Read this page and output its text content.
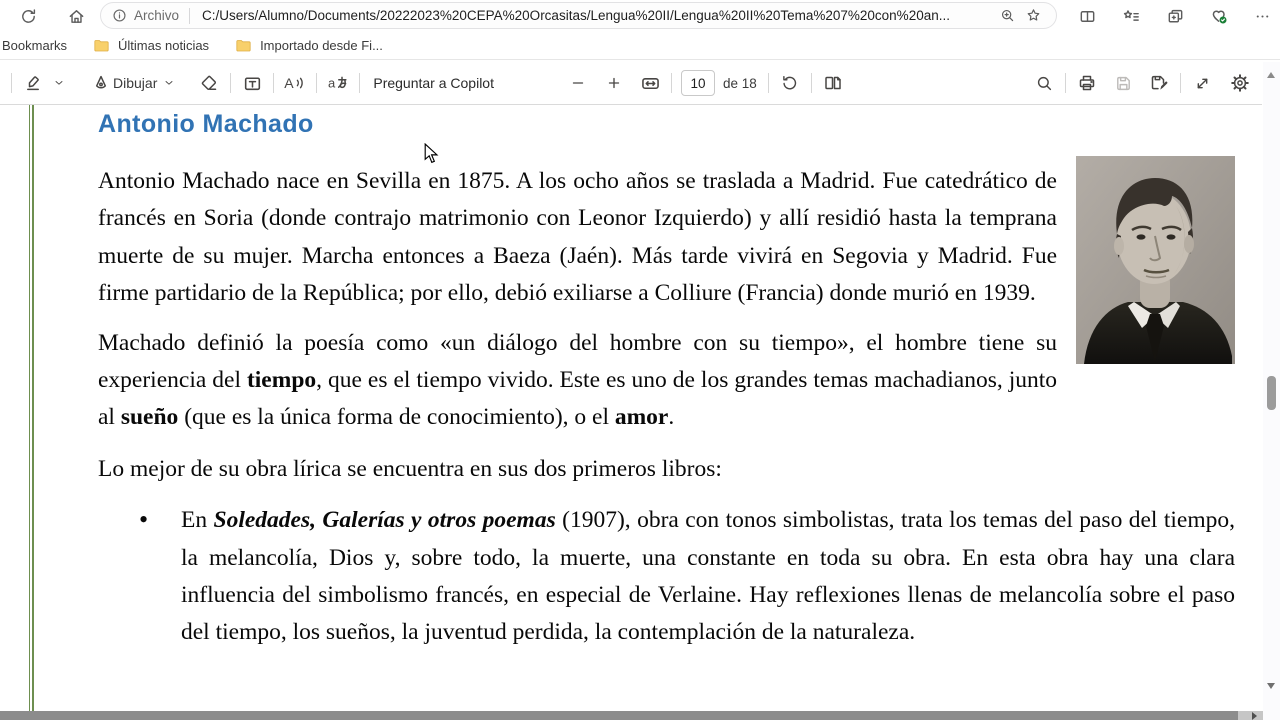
Archivo C:/Users/Alumno/Documents/20222023%20CEPA%20Orcasitas/Lengua%20II/Lengua%20II%20Tema%207%20con%20an...
Bookmarks	Últimas noticias	Importado desde Fi...
Dibujar	A	a	Preguntar a Copilot
10	de 18
Antonio Machado

Antonio Machado nace en Sevilla en 1875. A los ocho años se traslada a Madrid. Fue catedrático de francés en Soria (donde contrajo matrimonio con Leonor Izquierdo) y allí residió hasta la temprana muerte de su mujer. Marcha entonces a Baeza (Jaén). Más tarde vivirá en Segovia y Madrid. Fue firme partidario de la República; por ello, debió exiliarse a Colliure (Francia) donde murió en 1939.

Machado definió la poesía como «un diálogo del hombre con su tiempo», el hombre tiene su experiencia del tiempo, que es el tiempo vivido. Este es uno de los grandes temas machadianos, junto al sueño (que es la única forma de conocimiento), o el amor.

Lo mejor de su obra lírica se encuentra en sus dos primeros libros:

• En Soledades, Galerías y otros poemas (1907), obra con tonos simbolistas, trata los temas del paso del tiempo, la melancolía, Dios y, sobre todo, la muerte, una constante en toda su obra. En esta obra hay una clara influencia del simbolismo francés, en especial de Verlaine. Hay reflexiones llenas de melancolía sobre el paso del tiempo, los sueños, la juventud perdida, la contemplación de la naturaleza.
